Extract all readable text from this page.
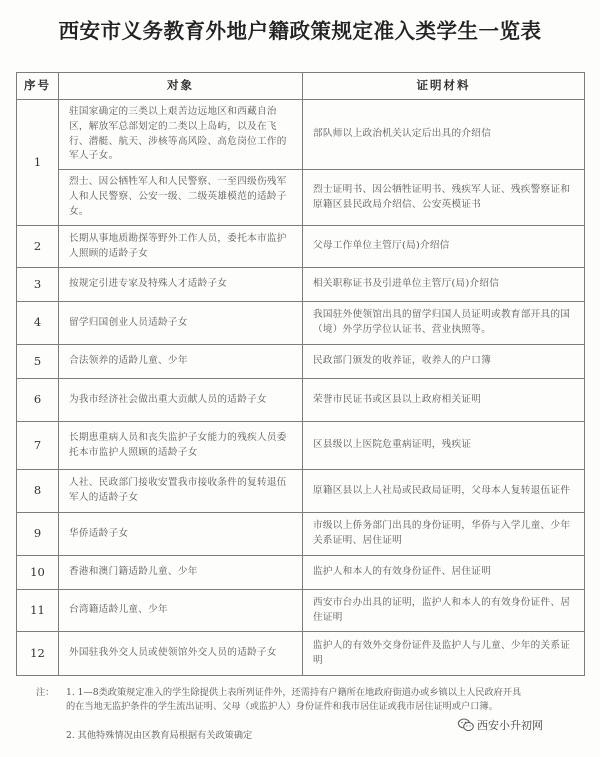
西安市义务教育外地户籍政策规定准入类学生一览表
序号	对象	证明材料
1	驻国家确定的三类以上艰苦边远地区和西藏自治区，解放军总部划定的二类以上岛屿，以及在飞行、潜艇、航天、涉核等高风险、高危岗位工作的军人子女。	部队师以上政治机关认定后出具的介绍信
	烈士、因公牺牲军人和人民警察、一至四级伤残军人和人民警察、公安一级、二级英雄模范的适龄子女。	烈士证明书、因公牺牲证明书、残疾军人证、残疾警察证和原籍区县民政局介绍信、公安英模证书
2	长期从事地质勘探等野外工作人员，委托本市监护人照顾的适龄子女	父母工作单位主管厅(局)介绍信
3	按规定引进专家及特殊人才适龄子女	相关职称证书及引进单位主管厅(局)介绍信
4	留学归国创业人员适龄子女	我国驻外使领馆出具的留学归国人员证明或教育部开具的国（境）外学历学位认证书、营业执照等。
5	合法领养的适龄儿童、少年	民政部门颁发的收养证，收养人的户口簿
6	为我市经济社会做出重大贡献人员的适龄子女	荣誉市民证书或区县以上政府相关证明
7	长期患重病人员和丧失监护子女能力的残疾人员委托本市监护人照顾的适龄子女	区县级以上医院危重病证明，残疾证
8	人社、民政部门接收安置我市接收条件的复转退伍军人的适龄子女	原籍区县以上人社局或民政局证明，父母本人复转退伍证件
9	华侨适龄子女	市级以上侨务部门出具的身份证明，华侨与入学儿童、少年关系证明、居住证明
10	香港和澳门籍适龄儿童、少年	监护人和本人的有效身份证件、居住证明
11	台湾籍适龄儿童、少年	西安市台办出具的证明，监护人和本人的有效身份证件、居住证明
12	外国驻我外交人员或使领馆外交人员的适龄子女	监护人的有效外交身份证件及监护人与儿童、少年的关系证明
注： 1. 1—8类政策规定准入的学生除提供上表所列证件外，还需持有户籍所在地政府街道办或乡镇以上人民政府开具的在当地无监护条件的学生流出证明、父母（或监护人）身份证件和我市居住证或我市居住证明或户口簿。
2. 其他特殊情况由区教育局根据有关政策确定
西安小升初网
